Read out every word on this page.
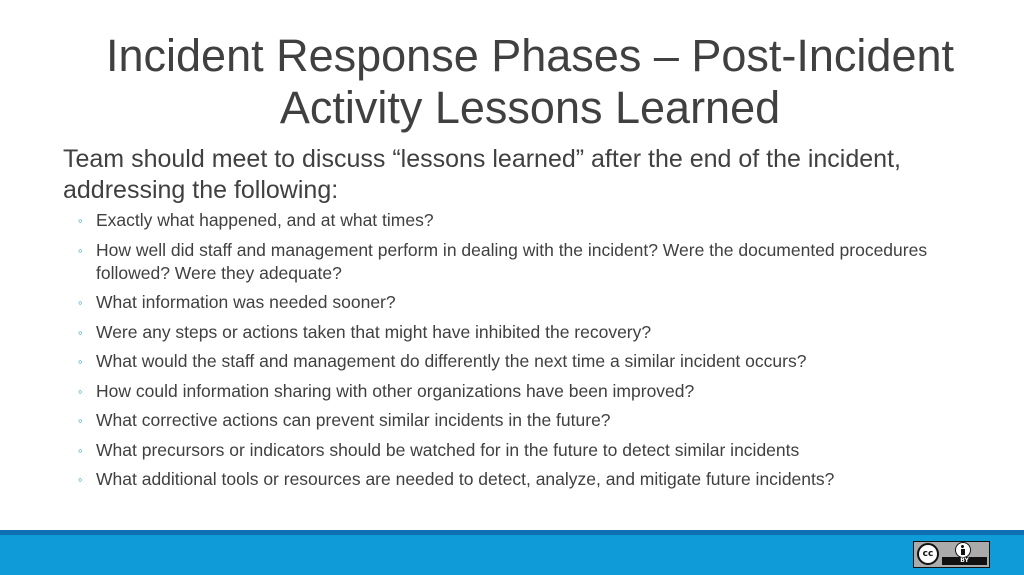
Incident Response Phases – Post-Incident Activity Lessons Learned

Team should meet to discuss “lessons learned” after the end of the incident, addressing the following:

◦ Exactly what happened, and at what times?
◦ How well did staff and management perform in dealing with the incident? Were the documented procedures followed? Were they adequate?
◦ What information was needed sooner?
◦ Were any steps or actions taken that might have inhibited the recovery?
◦ What would the staff and management do differently the next time a similar incident occurs?
◦ How could information sharing with other organizations have been improved?
◦ What corrective actions can prevent similar incidents in the future?
◦ What precursors or indicators should be watched for in the future to detect similar incidents
◦ What additional tools or resources are needed to detect, analyze, and mitigate future incidents?
cc
BY
